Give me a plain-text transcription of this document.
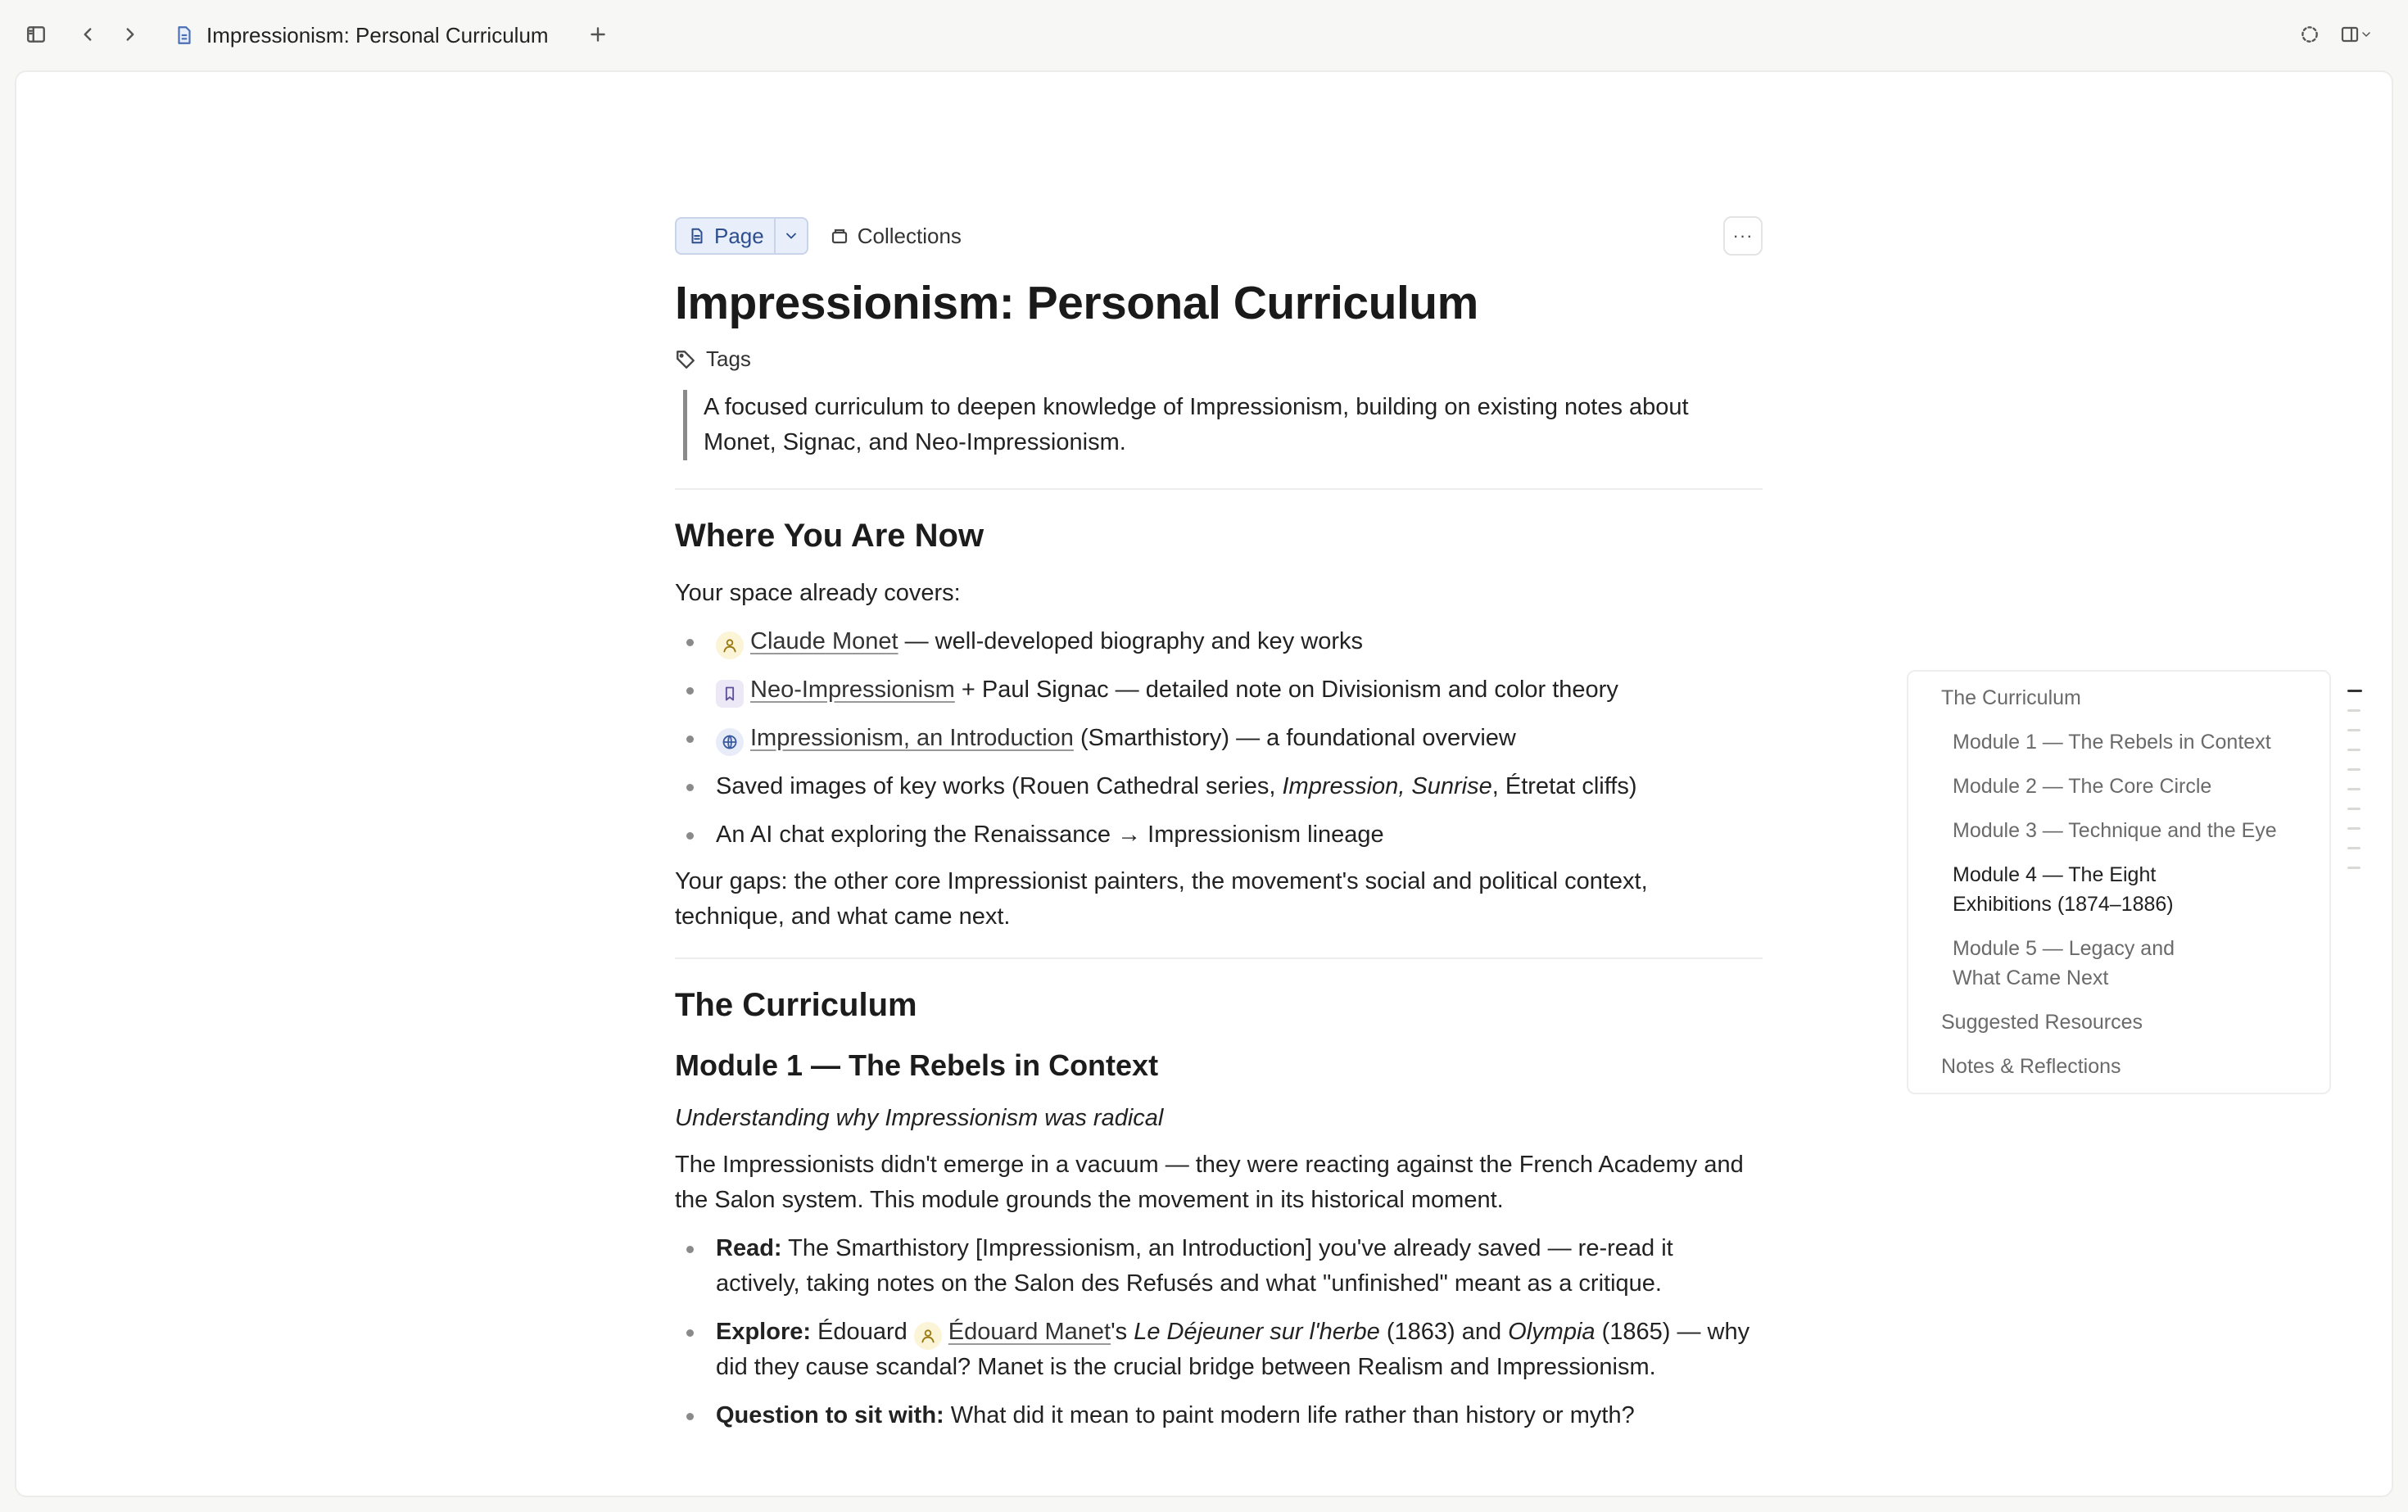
Impressionism: Personal Curriculum
Page	Collections	···
Impressionism: Personal Curriculum
Tags
A focused curriculum to deepen knowledge of Impressionism, building on existing notes about Monet, Signac, and Neo-Impressionism.
Where You Are Now

Your space already covers:

Claude Monet — well-developed biography and key works
Neo-Impressionism + Paul Signac — detailed note on Divisionism and color theory
Impressionism, an Introduction (Smarthistory) — a foundational overview
Saved images of key works (Rouen Cathedral series, Impression, Sunrise, Étretat cliffs)
An AI chat exploring the Renaissance → Impressionism lineage

Your gaps: the other core Impressionist painters, the movement's social and political context, technique, and what came next.

The Curriculum
Module 1 — The Rebels in Context

Understanding why Impressionism was radical

The Impressionists didn't emerge in a vacuum — they were reacting against the French Academy and the Salon system. This module grounds the movement in its historical moment.

Read: The Smarthistory [Impressionism, an Introduction] you've already saved — re-read it actively, taking notes on the Salon des Refusés and what "unfinished" meant as a critique.
Explore: Édouard
Édouard Manet's Le Déjeuner sur l'herbe (1863) and Olympia (1865) — why did they cause scandal? Manet is the crucial bridge between Realism and Impressionism.
Question to sit with: What did it mean to paint modern life rather than history or myth?
The Curriculum
Module 1 — The Rebels in Context
Module 2 — The Core Circle
Module 3 — Technique and the Eye
Module 4 — The Eight Exhibitions (1874–1886)
Module 5 — Legacy and What Came Next
Suggested Resources
Notes & Reflections
